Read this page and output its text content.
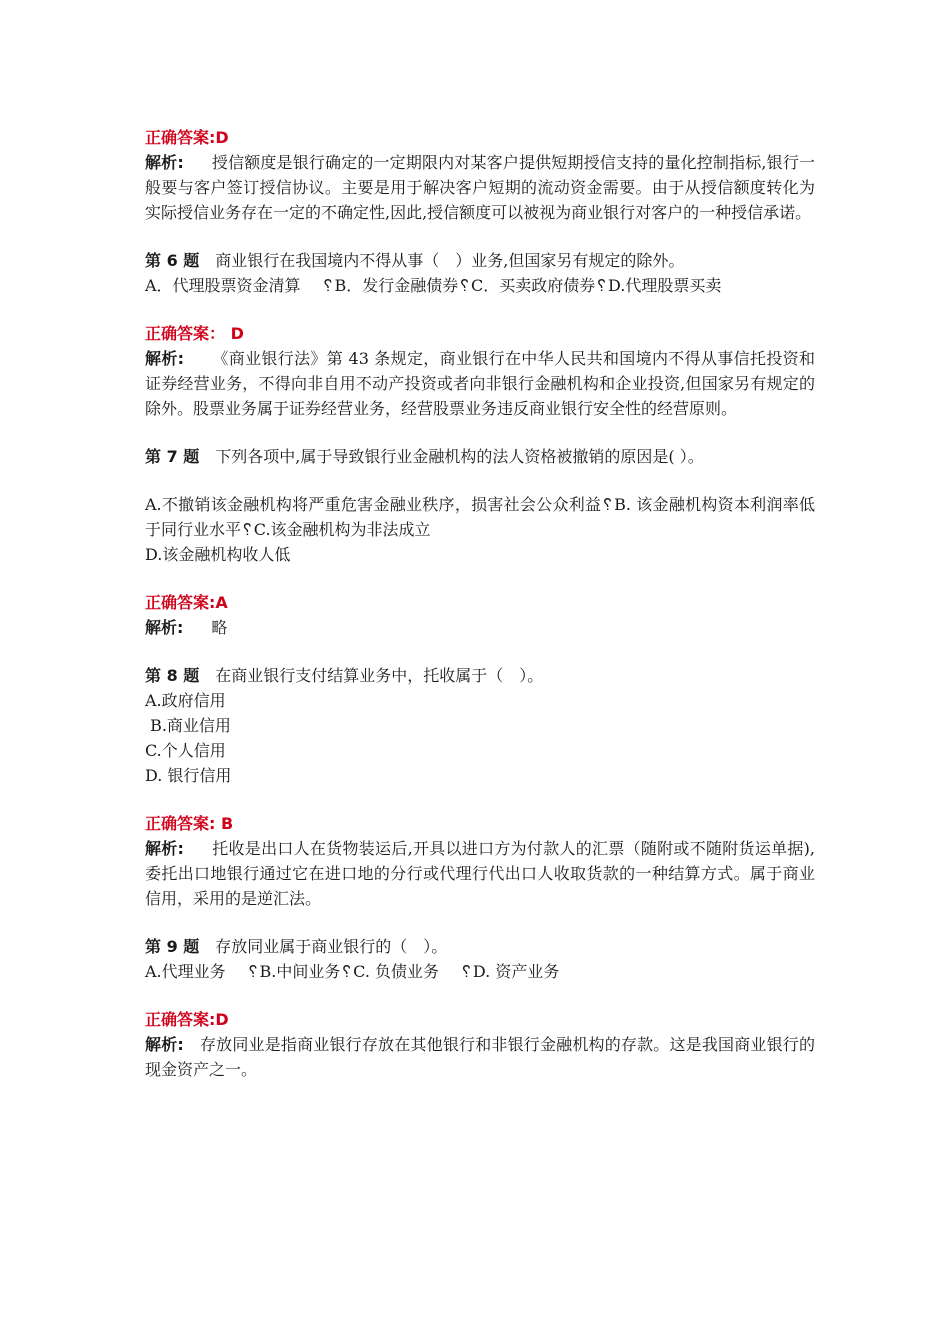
正确答案:D

解析: 授信额度是银行确定的一定期限内对某客户提供短期授信支持的量化控制指标,银行一般要与客户签订授信协议。主要是用于解决客户短期的流动资金需要。由于从授信额度转化为实际授信业务存在一定的不确定性,因此,授信额度可以被视为商业银行对客户的一种授信承诺。

第 6 题 商业银行在我国境内不得从事（　）业务,但国家另有规定的除外。

A．代理股票资金清算　 ␦B．发行金融债券␦C．买卖政府债券␦D.代理股票买卖

正确答案： D

解析: 《商业银行法》第 43 条规定，商业银行在中华人民共和国境内不得从事信托投资和证券经营业务，不得向非自用不动产投资或者向非银行金融机构和企业投资,但国家另有规定的除外。股票业务属于证券经营业务，经营股票业务违反商业银行安全性的经营原则。

第 7 题 下列各项中,属于导致银行业金融机构的法人资格被撤销的原因是( ）。

A.不撤销该金融机构将严重危害金融业秩序，损害社会公众利益␦B. 该金融机构资本利润率低于同行业水平␦C.该金融机构为非法成立

D.该金融机构收人低

正确答案:A

解析: 略

第 8 题 在商业银行支付结算业务中，托收属于（　）。

A.政府信用

B.商业信用

C.个人信用

D. 银行信用

正确答案: B

解析: 托收是出口人在货物装运后,开具以进口方为付款人的汇票（随附或不随附货运单据),委托出口地银行通过它在进口地的分行或代理行代出口人收取货款的一种结算方式。属于商业信用，采用的是逆汇法。

第 9 题 存放同业属于商业银行的（　）。

A.代理业务　 ␦B.中间业务␦C. 负债业务　 ␦D. 资产业务

正确答案:D

解析: 存放同业是指商业银行存放在其他银行和非银行金融机构的存款。这是我国商业银行的现金资产之一。
